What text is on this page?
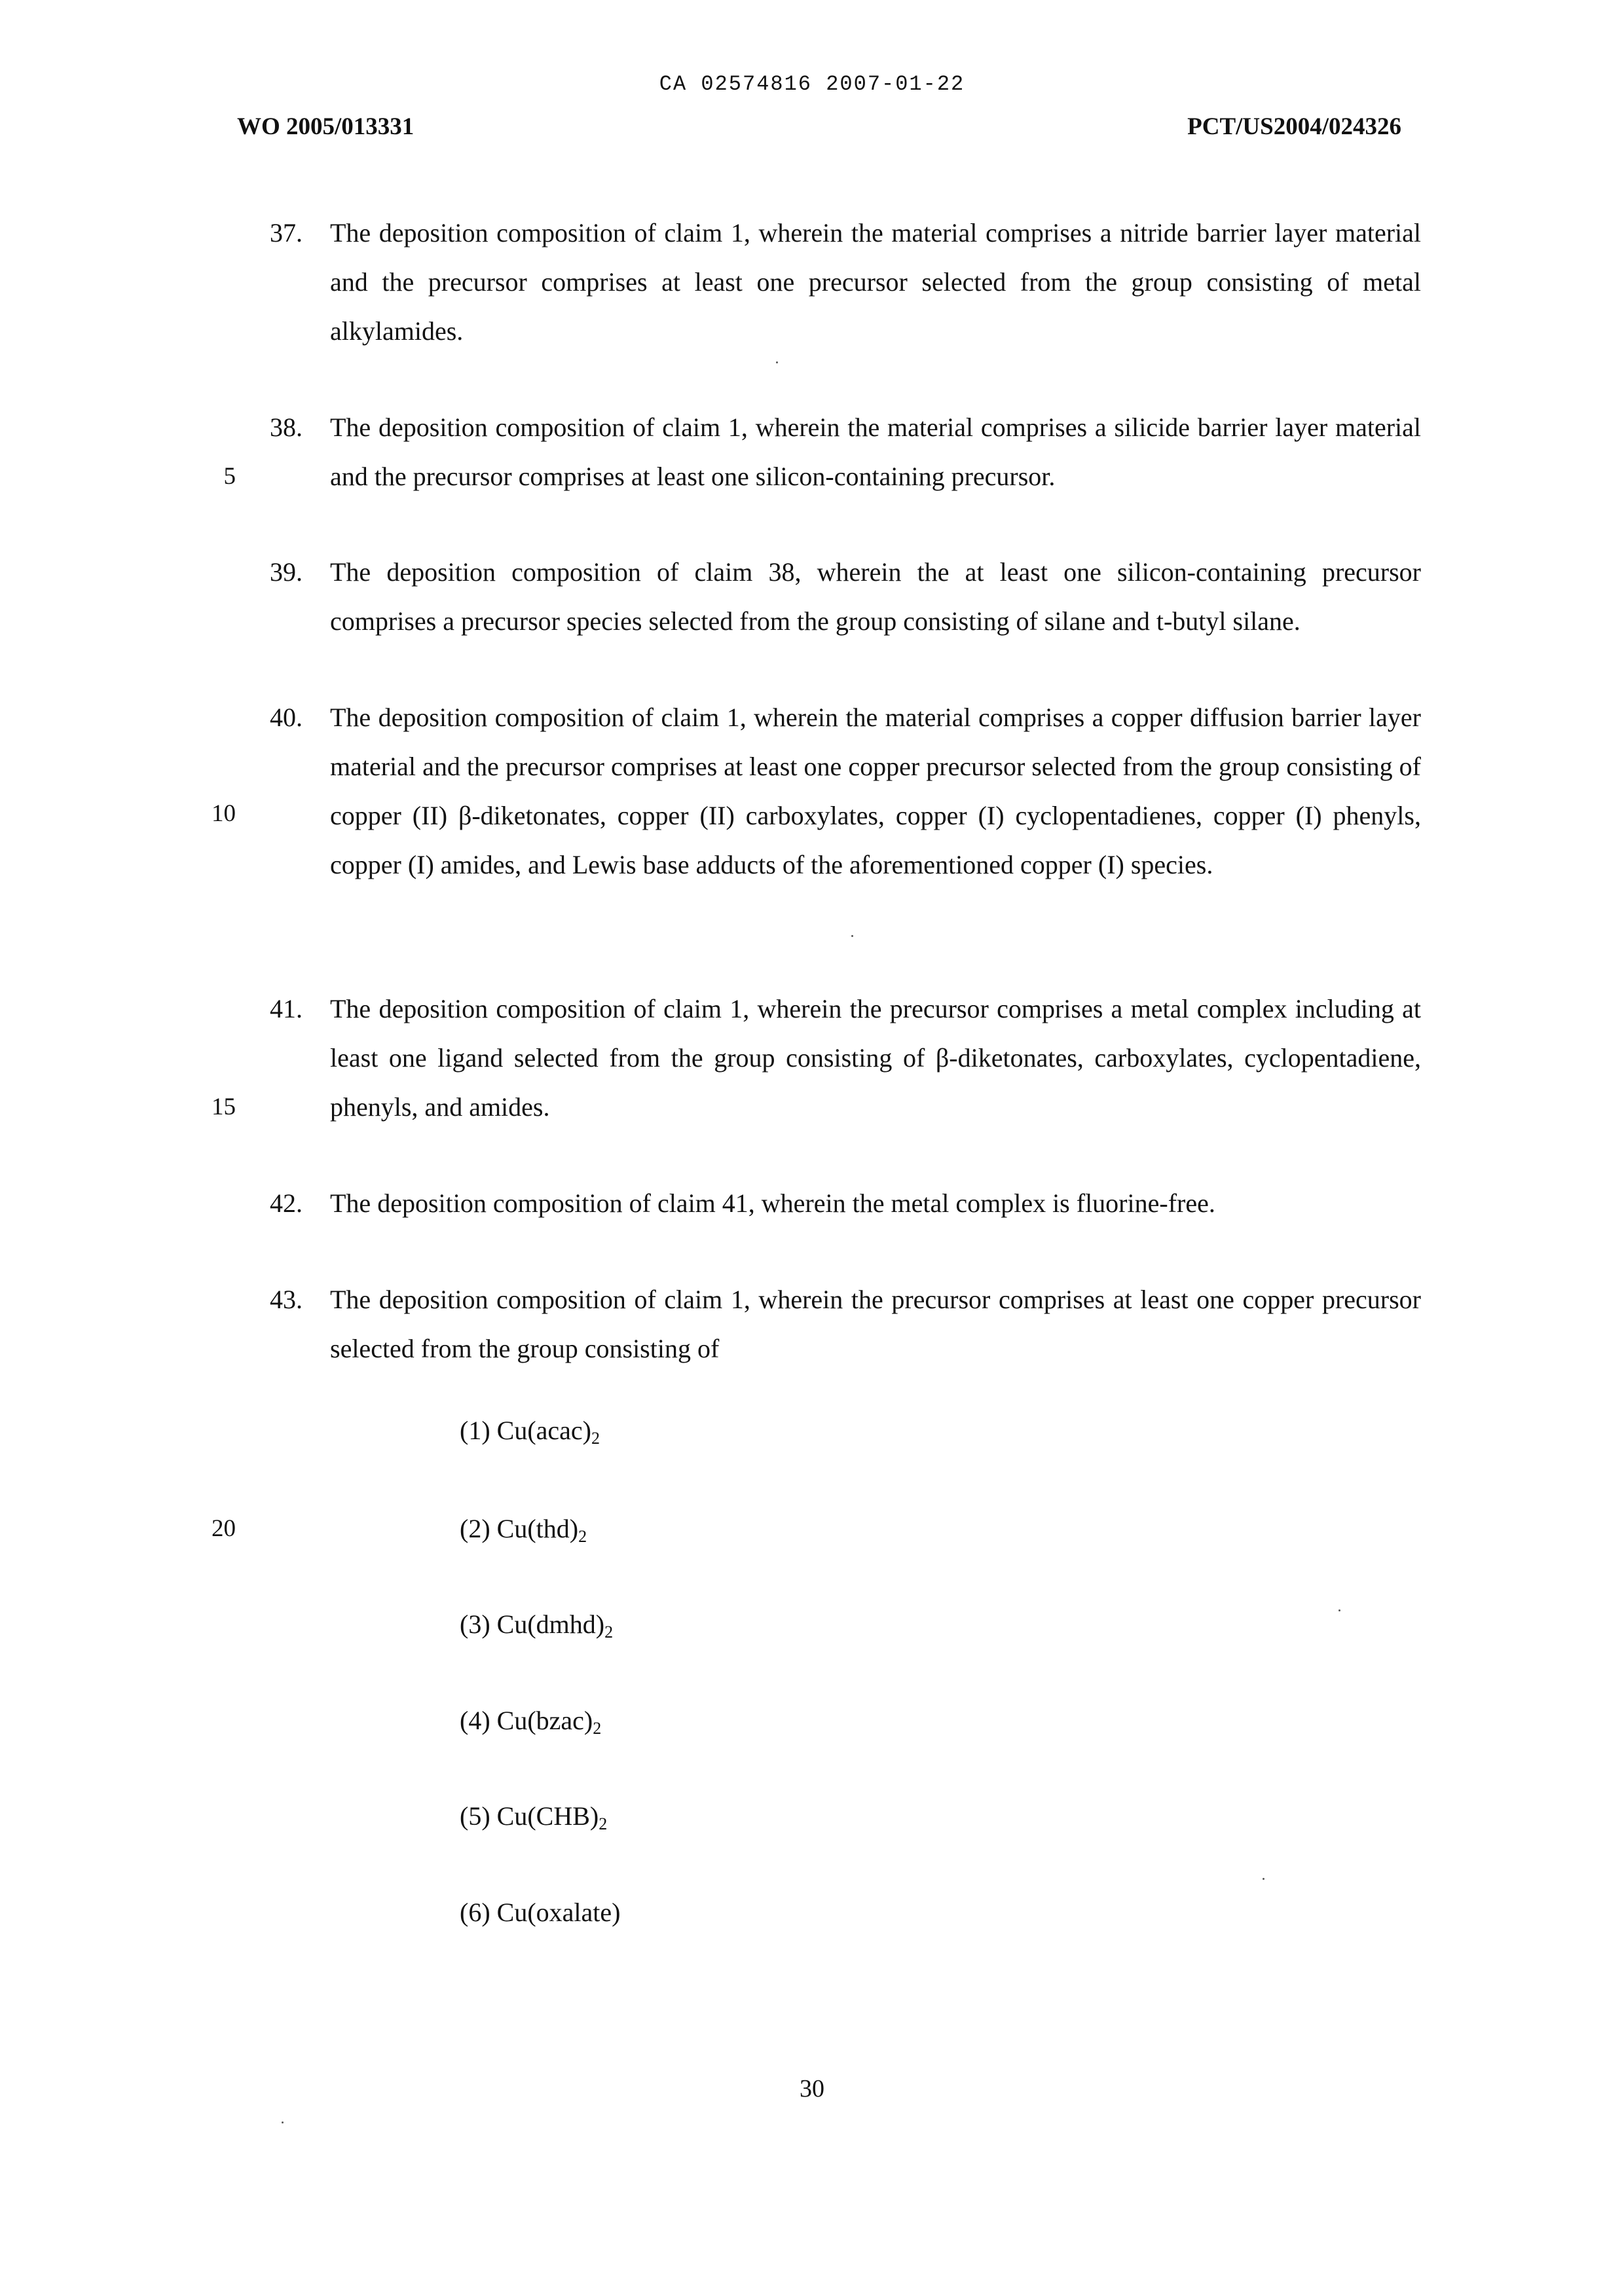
CA 02574816 2007-01-22
WO 2005/013331	PCT/US2004/024326
5
10
15
20
37. The deposition composition of claim 1, wherein the material comprises a nitride barrier layer material and the precursor comprises at least one precursor selected from the group consisting of metal alkylamides.
38. The deposition composition of claim 1, wherein the material comprises a silicide barrier layer material and the precursor comprises at least one silicon-containing precursor.
39. The deposition composition of claim 38, wherein the at least one silicon-containing precursor comprises a precursor species selected from the group consisting of silane and t-butyl silane.
40. The deposition composition of claim 1, wherein the material comprises a copper diffusion barrier layer material and the precursor comprises at least one copper precursor selected from the group consisting of copper (II) β-diketonates, copper (II) carboxylates, copper (I) cyclopentadienes, copper (I) phenyls, copper (I) amides, and Lewis base adducts of the aforementioned copper (I) species.
41. The deposition composition of claim 1, wherein the precursor comprises a metal complex including at least one ligand selected from the group consisting of β-diketonates, carboxylates, cyclopentadiene, phenyls, and amides.
42. The deposition composition of claim 41, wherein the metal complex is fluorine-free.
43. The deposition composition of claim 1, wherein the precursor comprises at least one copper precursor selected from the group consisting of
(1) $Cu(acac)_2$
(2) $Cu(thd)_2$
(3) $Cu(dmhd)_2$
(4) $Cu(bzac)_2$
(5) $Cu(CHB)_2$
(6) Cu(oxalate)
30
